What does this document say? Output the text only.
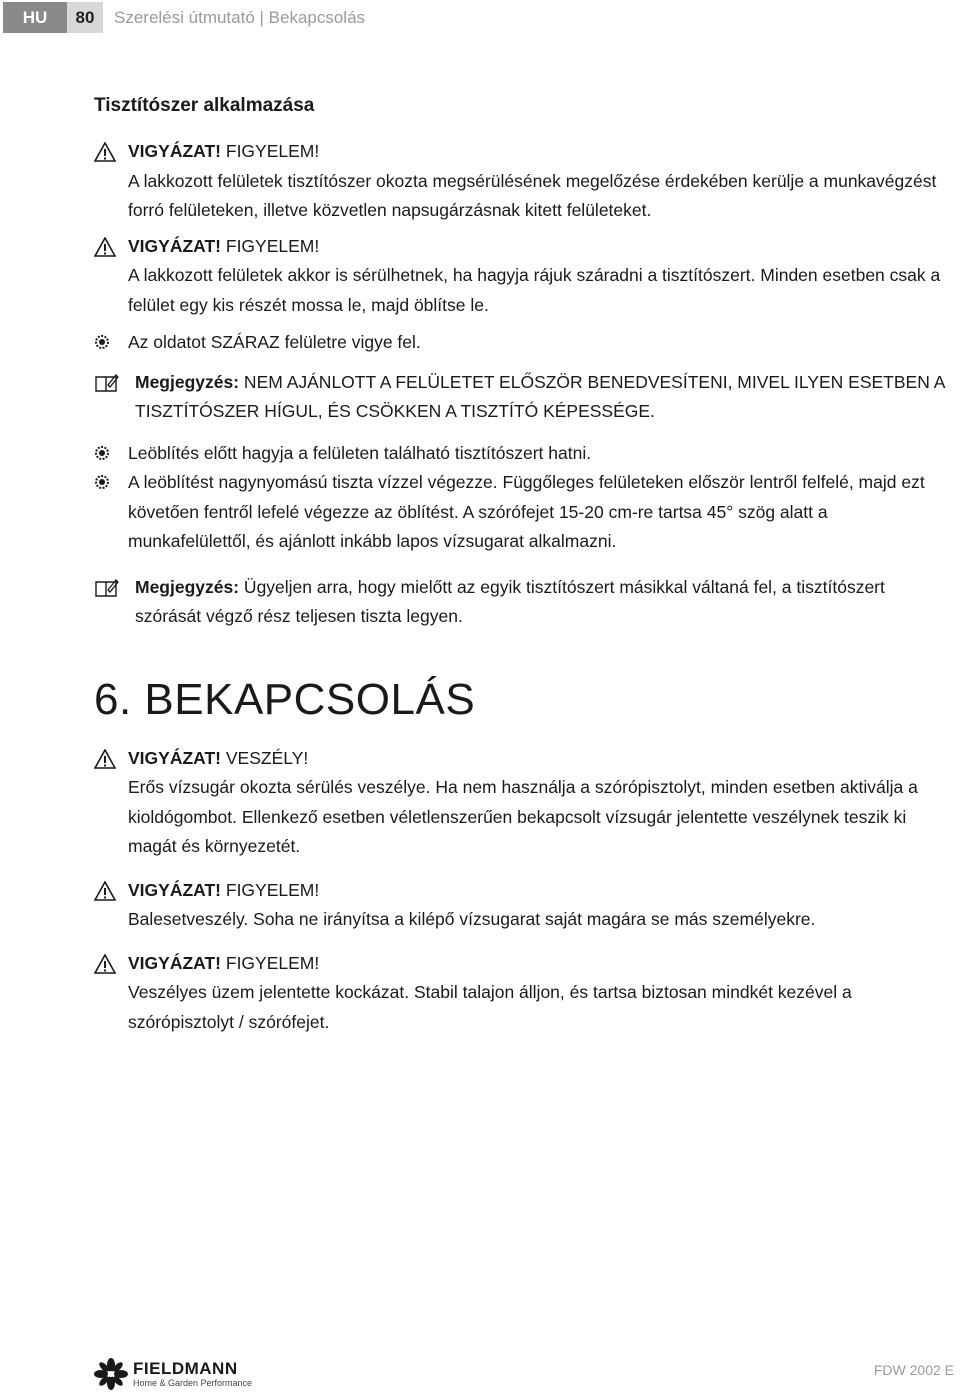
HU	80	Szerelési útmutató | Bekapcsolás
Tisztítószer alkalmazása
VIGYÁZAT! FIGYELEM!
A lakkozott felületek tisztítószer okozta megsérülésének megelőzése érdekében kerülje a munkavégzést forró felületeken, illetve közvetlen napsugárzásnak kitett felületeket.
VIGYÁZAT! FIGYELEM!
A lakkozott felületek akkor is sérülhetnek, ha hagyja rájuk száradni a tisztítószert. Minden esetben csak a felület egy kis részét mossa le, majd öblítse le.
Az oldatot SZÁRAZ felületre vigye fel.
Megjegyzés: NEM AJÁNLOTT A FELÜLETET ELŐSZÖR BENEDVESÍTENI, MIVEL ILYEN ESETBEN A TISZTÍTÓSZER HÍGUL, ÉS CSÖKKEN A TISZTÍTÓ KÉPESSÉGE.
Leöblítés előtt hagyja a felületen található tisztítószert hatni.
A leöblítést nagynyomású tiszta vízzel végezze. Függőleges felületeken először lentről felfelé, majd ezt követően fentről lefelé végezze az öblítést. A szórófejet 15-20 cm-re tartsa 45° szög alatt a munkafelülettől, és ajánlott inkább lapos vízsugarat alkalmazni.
Megjegyzés: Ügyeljen arra, hogy mielőtt az egyik tisztítószert másikkal váltaná fel, a tisztítószert szórását végző rész teljesen tiszta legyen.
6. BEKAPCSOLÁS
VIGYÁZAT! VESZÉLY!
Erős vízsugár okozta sérülés veszélye. Ha nem használja a szórópisztolyt, minden esetben aktiválja a kioldógombot. Ellenkező esetben véletlenszerűen bekapcsolt vízsugár jelentette veszélynek teszik ki magát és környezetét.
VIGYÁZAT! FIGYELEM!
Balesetveszély. Soha ne irányítsa a kilépő vízsugarat saját magára se más személyekre.
VIGYÁZAT! FIGYELEM!
Veszélyes üzem jelentette kockázat. Stabil talajon álljon, és tartsa biztosan mindkét kezével a szórópisztolyt / szórófejet.
FIELDMANN
Home & Garden Performance
FDW 2002 E
